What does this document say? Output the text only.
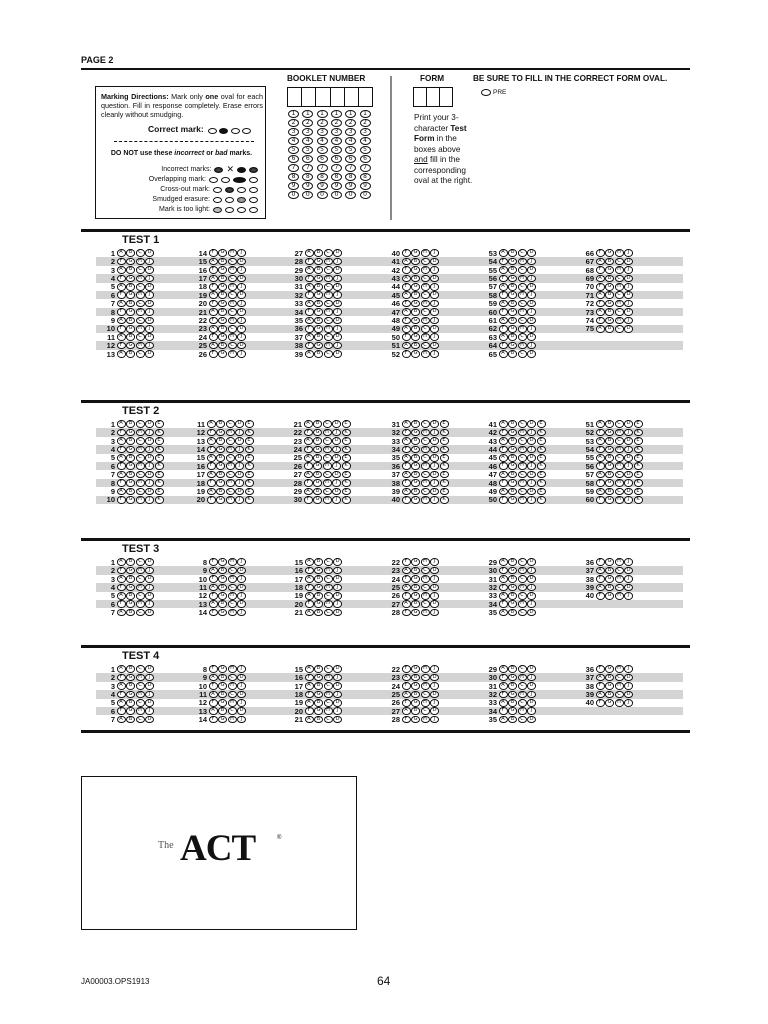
PAGE 2
Marking Directions: Mark only one oval for each question. Fill in response completely. Erase errors cleanly without smudging.
Correct mark:

DO NOT use these incorrect or bad marks.
Incorrect marks: ✕
Overlapping mark:
Cross-out mark:
Smudged erasure:
Mark is too light:
BOOKLET NUMBER
1
2
3
4
5
6
7
8
9
0
1
2
3
4
5
6
7
8
9
0
1
2
3
4
5
6
7
8
9
0
1
2
3
4
5
6
7
8
9
0
1
2
3
4
5
6
7
8
9
0
1
2
3
4
5
6
7
8
9
0
FORM
Print your 3-character Test Form in the boxes above and fill in the corresponding oval at the right.
BE SURE TO FILL IN THE CORRECT FORM OVAL.
PRE
TEST 1
1 A	B	C	D
2 F	G	H	J
3 A	B	C	D
4 F	G	H	J
5 A	B	C	D
6 F	G	H	J
7 A	B	C	D
8 F	G	H	J
9 A	B	C	D
10 F	G	H	J
11 A	B	C	D
12 F	G	H	J
13 A	B	C	D
14 F	G	H	J
15 A	B	C	D
16 F	G	H	J
17 A	B	C	D
18 F	G	H	J
19 A	B	C	D
20 F	G	H	J
21 A	B	C	D
22 F	G	H	J
23 A	B	C	D
24 F	G	H	J
25 A	B	C	D
26 F	G	H	J
27 A	B	C	D
28 F	G	H	J
29 A	B	C	D
30 F	G	H	J
31 A	B	C	D
32 F	G	H	J
33 A	B	C	D
34 F	G	H	J
35 A	B	C	D
36 F	G	H	J
37 A	B	C	D
38 F	G	H	J
39 A	B	C	D
40 F	G	H	J
41 A	B	C	D
42 F	G	H	J
43 A	B	C	D
44 F	G	H	J
45 A	B	C	D
46 F	G	H	J
47 A	B	C	D
48 F	G	H	J
49 A	B	C	D
50 F	G	H	J
51 A	B	C	D
52 F	G	H	J
53 A	B	C	D
54 F	G	H	J
55 A	B	C	D
56 F	G	H	J
57 A	B	C	D
58 F	G	H	J
59 A	B	C	D
60 F	G	H	J
61 A	B	C	D
62 F	G	H	J
63 A	B	C	D
64 F	G	H	J
65 A	B	C	D
66 F	G	H	J
67 A	B	C	D
68 F	G	H	J
69 A	B	C	D
70 F	G	H	J
71 A	B	C	D
72 F	G	H	J
73 A	B	C	D
74 F	G	H	J
75 A	B	C	D
TEST 2
1 A	B	C	D	E
2 F	G	H	J	K
3 A	B	C	D	E
4 F	G	H	J	K
5 A	B	C	D	E
6 F	G	H	J	K
7 A	B	C	D	E
8 F	G	H	J	K
9 A	B	C	D	E
10 F	G	H	J	K
11 A	B	C	D	E
12 F	G	H	J	K
13 A	B	C	D	E
14 F	G	H	J	K
15 A	B	C	D	E
16 F	G	H	J	K
17 A	B	C	D	E
18 F	G	H	J	K
19 A	B	C	D	E
20 F	G	H	J	K
21 A	B	C	D	E
22 F	G	H	J	K
23 A	B	C	D	E
24 F	G	H	J	K
25 A	B	C	D	E
26 F	G	H	J	K
27 A	B	C	D	E
28 F	G	H	J	K
29 A	B	C	D	E
30 F	G	H	J	K
31 A	B	C	D	E
32 F	G	H	J	K
33 A	B	C	D	E
34 F	G	H	J	K
35 A	B	C	D	E
36 F	G	H	J	K
37 A	B	C	D	E
38 F	G	H	J	K
39 A	B	C	D	E
40 F	G	H	J	K
41 A	B	C	D	E
42 F	G	H	J	K
43 A	B	C	D	E
44 F	G	H	J	K
45 A	B	C	D	E
46 F	G	H	J	K
47 A	B	C	D	E
48 F	G	H	J	K
49 A	B	C	D	E
50 F	G	H	J	K
51 A	B	C	D	E
52 F	G	H	J	K
53 A	B	C	D	E
54 F	G	H	J	K
55 A	B	C	D	E
56 F	G	H	J	K
57 A	B	C	D	E
58 F	G	H	J	K
59 A	B	C	D	E
60 F	G	H	J	K
TEST 3
1 A	B	C	D
2 F	G	H	J
3 A	B	C	D
4 F	G	H	J
5 A	B	C	D
6 F	G	H	J
7 A	B	C	D
8 F	G	H	J
9 A	B	C	D
10 F	G	H	J
11 A	B	C	D
12 F	G	H	J
13 A	B	C	D
14 F	G	H	J
15 A	B	C	D
16 F	G	H	J
17 A	B	C	D
18 F	G	H	J
19 A	B	C	D
20 F	G	H	J
21 A	B	C	D
22 F	G	H	J
23 A	B	C	D
24 F	G	H	J
25 A	B	C	D
26 F	G	H	J
27 A	B	C	D
28 F	G	H	J
29 A	B	C	D
30 F	G	H	J
31 A	B	C	D
32 F	G	H	J
33 A	B	C	D
34 F	G	H	J
35 A	B	C	D
36 F	G	H	J
37 A	B	C	D
38 F	G	H	J
39 A	B	C	D
40 F	G	H	J
TEST 4
1 A	B	C	D
2 F	G	H	J
3 A	B	C	D
4 F	G	H	J
5 A	B	C	D
6 F	G	H	J
7 A	B	C	D
8 F	G	H	J
9 A	B	C	D
10 F	G	H	J
11 A	B	C	D
12 F	G	H	J
13 A	B	C	D
14 F	G	H	J
15 A	B	C	D
16 F	G	H	J
17 A	B	C	D
18 F	G	H	J
19 A	B	C	D
20 F	G	H	J
21 A	B	C	D
22 F	G	H	J
23 A	B	C	D
24 F	G	H	J
25 A	B	C	D
26 F	G	H	J
27 A	B	C	D
28 F	G	H	J
29 A	B	C	D
30 F	G	H	J
31 A	B	C	D
32 F	G	H	J
33 A	B	C	D
34 F	G	H	J
35 A	B	C	D
36 F	G	H	J
37 A	B	C	D
38 F	G	H	J
39 A	B	C	D
40 F	G	H	J
The ACT	®
JA00003.OPS1913	64
